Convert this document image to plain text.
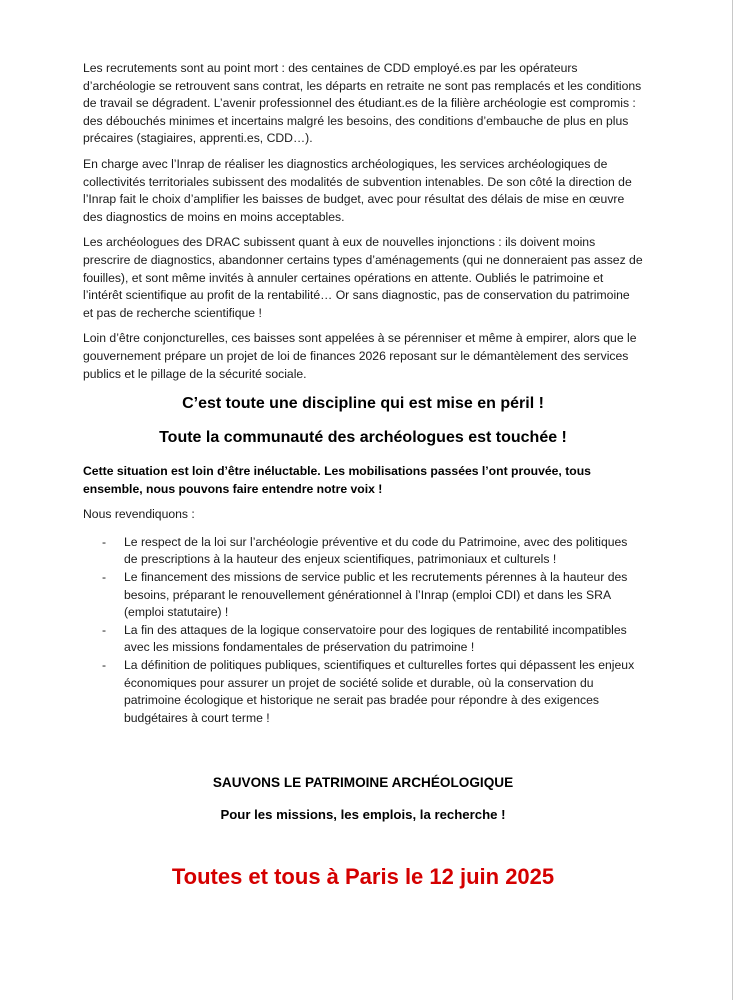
Les recrutements sont au point mort : des centaines de CDD employé.es par les opérateurs d’archéologie se retrouvent sans contrat, les départs en retraite ne sont pas remplacés et les conditions de travail se dégradent. L’avenir professionnel des étudiant.es de la filière archéologie est compromis : des débouchés minimes et incertains malgré les besoins, des conditions d’embauche de plus en plus précaires (stagiaires, apprenti.es, CDD…).

En charge avec l’Inrap de réaliser les diagnostics archéologiques, les services archéologiques de collectivités territoriales subissent des modalités de subvention intenables. De son côté la direction de l’Inrap fait le choix d’amplifier les baisses de budget, avec pour résultat des délais de mise en œuvre des diagnostics de moins en moins acceptables.

Les archéologues des DRAC subissent quant à eux de nouvelles injonctions : ils doivent moins prescrire de diagnostics, abandonner certains types d’aménagements (qui ne donneraient pas assez de fouilles), et sont même invités à annuler certaines opérations en attente. Oubliés le patrimoine et l’intérêt scientifique au profit de la rentabilité… Or sans diagnostic, pas de conservation du patrimoine et pas de recherche scientifique !

Loin d’être conjoncturelles, ces baisses sont appelées à se pérenniser et même à empirer, alors que le gouvernement prépare un projet de loi de finances 2026 reposant sur le démantèlement des services publics et le pillage de la sécurité sociale.

C’est toute une discipline qui est mise en péril !
Toute la communauté des archéologues est touchée !

Cette situation est loin d’être inéluctable. Les mobilisations passées l’ont prouvée, tous ensemble, nous pouvons faire entendre notre voix !

Nous revendiquons :

- Le respect de la loi sur l’archéologie préventive et du code du Patrimoine, avec des politiques de prescriptions à la hauteur des enjeux scientifiques, patrimoniaux et culturels !
- Le financement des missions de service public et les recrutements pérennes à la hauteur des besoins, préparant le renouvellement générationnel à l’Inrap (emploi CDI) et dans les SRA (emploi statutaire) !
- La fin des attaques de la logique conservatoire pour des logiques de rentabilité incompatibles avec les missions fondamentales de préservation du patrimoine !
- La définition de politiques publiques, scientifiques et culturelles fortes qui dépassent les enjeux économiques pour assurer un projet de société solide et durable, où la conservation du patrimoine écologique et historique ne serait pas bradée pour répondre à des exigences budgétaires à court terme !
SAUVONS LE PATRIMOINE ARCHÉOLOGIQUE

Pour les missions, les emplois, la recherche !

Toutes et tous à Paris le 12 juin 2025
